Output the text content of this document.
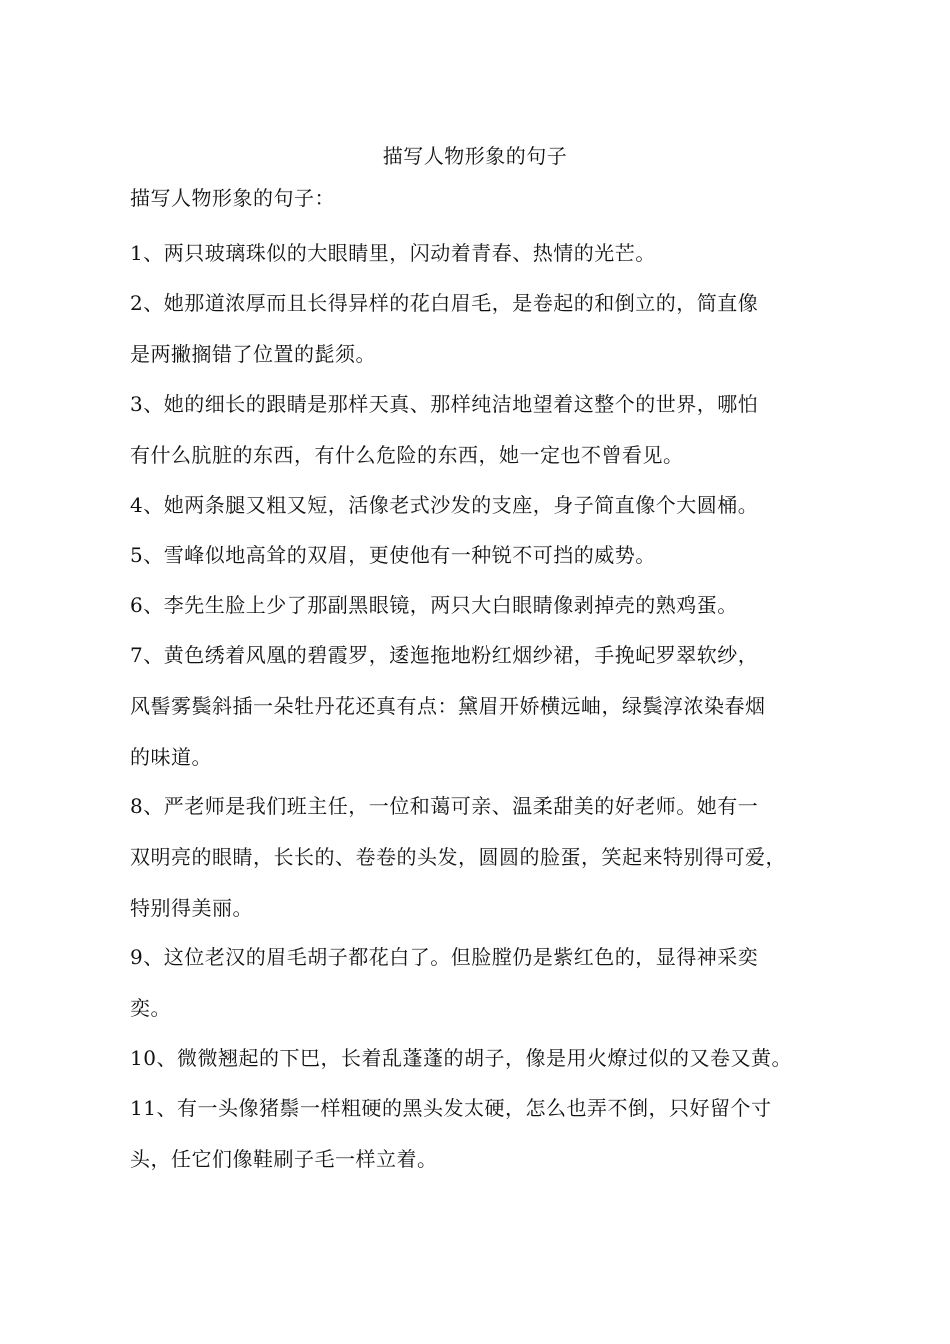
描写人物形象的句子
描写人物形象的句子：
1、两只玻璃珠似的大眼睛里，闪动着青春、热情的光芒。
2、她那道浓厚而且长得异样的花白眉毛，是卷起的和倒立的，简直像
是两撇搁错了位置的髭须。
3、她的细长的跟睛是那样天真、那样纯洁地望着这整个的世界，哪怕
有什么肮脏的东西，有什么危险的东西，她一定也不曾看见。
4、她两条腿又粗又短，活像老式沙发的支座，身子简直像个大圆桶。
5、雪峰似地高耸的双眉，更使他有一种锐不可挡的威势。
6、李先生脸上少了那副黑眼镜，两只大白眼睛像剥掉壳的熟鸡蛋。
7、黄色绣着风凰的碧霞罗，逶迤拖地粉红烟纱裙，手挽屺罗翠软纱，
风髻雾鬓斜插一朵牡丹花还真有点：黛眉开娇横远岫，绿鬓淳浓染春烟
的味道。
8、严老师是我们班主任，一位和蔼可亲、温柔甜美的好老师。她有一
双明亮的眼睛，长长的、卷卷的头发，圆圆的脸蛋，笑起来特别得可爱，
特别得美丽。
9、这位老汉的眉毛胡子都花白了。但脸膛仍是紫红色的，显得神采奕
奕。
10、微微翘起的下巴，长着乱蓬蓬的胡子，像是用火燎过似的又卷又黄。
11、有一头像猪鬃一样粗硬的黑头发太硬，怎么也弄不倒，只好留个寸
头，任它们像鞋刷子毛一样立着。
